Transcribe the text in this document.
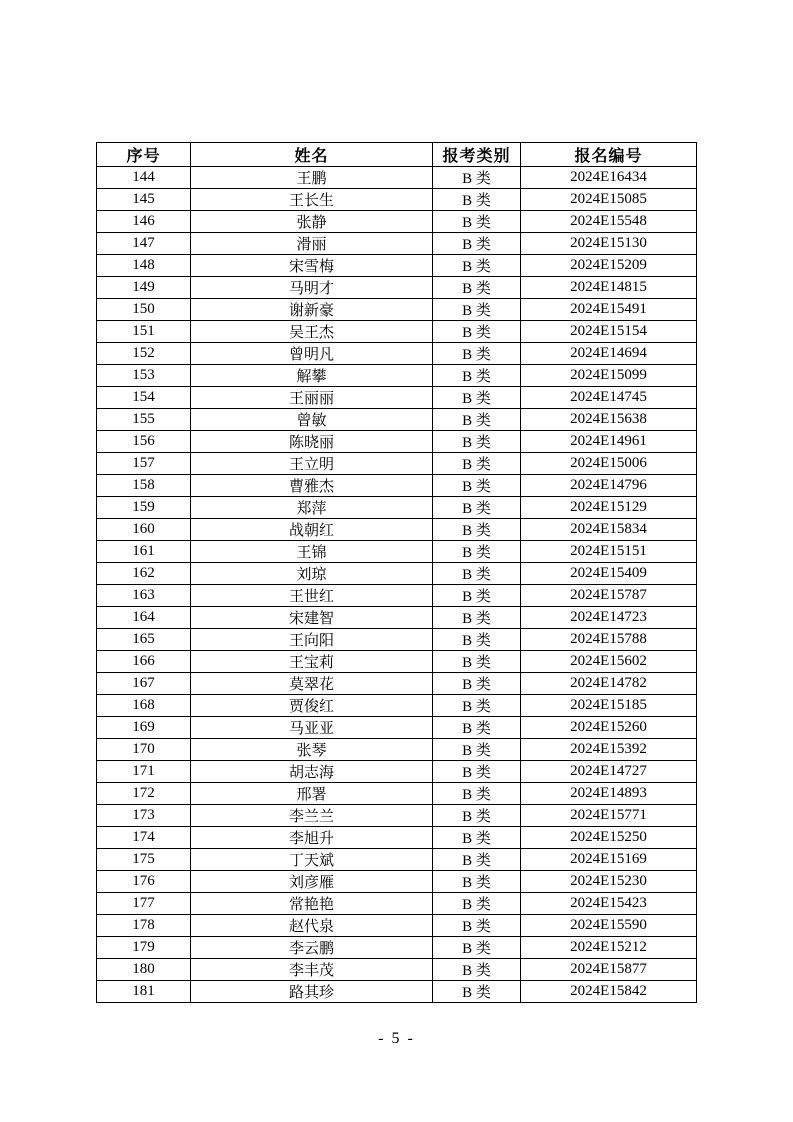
序号	姓名	报考类别	报名编号
144	王鹏	B 类	2024E16434
145	王长生	B 类	2024E15085
146	张静	B 类	2024E15548
147	滑丽	B 类	2024E15130
148	宋雪梅	B 类	2024E15209
149	马明才	B 类	2024E14815
150	谢新豪	B 类	2024E15491
151	吴王杰	B 类	2024E15154
152	曾明凡	B 类	2024E14694
153	解攀	B 类	2024E15099
154	王丽丽	B 类	2024E14745
155	曾敏	B 类	2024E15638
156	陈晓丽	B 类	2024E14961
157	王立明	B 类	2024E15006
158	曹雅杰	B 类	2024E14796
159	郑萍	B 类	2024E15129
160	战朝红	B 类	2024E15834
161	王锦	B 类	2024E15151
162	刘琼	B 类	2024E15409
163	王世红	B 类	2024E15787
164	宋建智	B 类	2024E14723
165	王向阳	B 类	2024E15788
166	王宝莉	B 类	2024E15602
167	莫翠花	B 类	2024E14782
168	贾俊红	B 类	2024E15185
169	马亚亚	B 类	2024E15260
170	张琴	B 类	2024E15392
171	胡志海	B 类	2024E14727
172	邢署	B 类	2024E14893
173	李兰兰	B 类	2024E15771
174	李旭升	B 类	2024E15250
175	丁天斌	B 类	2024E15169
176	刘彦雁	B 类	2024E15230
177	常艳艳	B 类	2024E15423
178	赵代泉	B 类	2024E15590
179	李云鹏	B 类	2024E15212
180	李丰茂	B 类	2024E15877
181	路其珍	B 类	2024E15842
- 5 -
